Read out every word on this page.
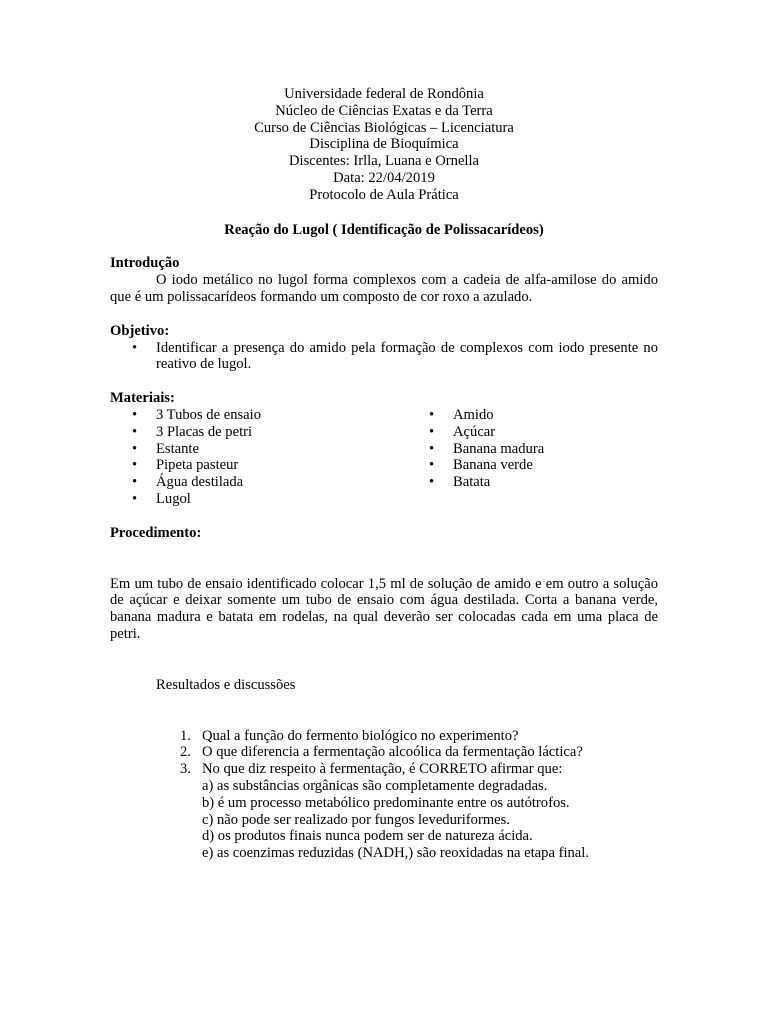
Universidade federal de Rondônia
Núcleo de Ciências Exatas e da Terra
Curso de Ciências Biológicas – Licenciatura
Disciplina de Bioquímica
Discentes: Irlla, Luana e Ornella
Data: 22/04/2019
Protocolo de Aula Prática
Reação do Lugol ( Identificação de Polissacarídeos)
Introdução
O iodo metálico no lugol forma complexos com a cadeia de alfa-amilose do amido que é um polissacarídeos formando um composto de cor roxo a azulado.
Objetivo:
• Identificar a presença do amido pela formação de complexos com iodo presente no reativo de lugol.
Materiais:
• 3 Tubos de ensaio
• 3 Placas de petri
• Estante
• Pipeta pasteur
• Água destilada
• Lugol
• Amido
• Açúcar
• Banana madura
• Banana verde
• Batata
Procedimento:
Em um tubo de ensaio identificado colocar 1,5 ml de solução de amido e em outro a solução de açúcar e deixar somente um tubo de ensaio com água destilada. Corta a banana verde, banana madura e batata em rodelas, na qual deverão ser colocadas cada em uma placa de petri.
Resultados e discussões
1. Qual a função do fermento biológico no experimento?
2. O que diferencia a fermentação alcoólica da fermentação láctica?
3. No que diz respeito à fermentação, é CORRETO afirmar que:
a) as substâncias orgânicas são completamente degradadas.
b) é um processo metabólico predominante entre os autótrofos.
c) não pode ser realizado por fungos leveduriformes.
d) os produtos finais nunca podem ser de natureza ácida.
e) as coenzimas reduzidas (NADH,) são reoxidadas na etapa final.
